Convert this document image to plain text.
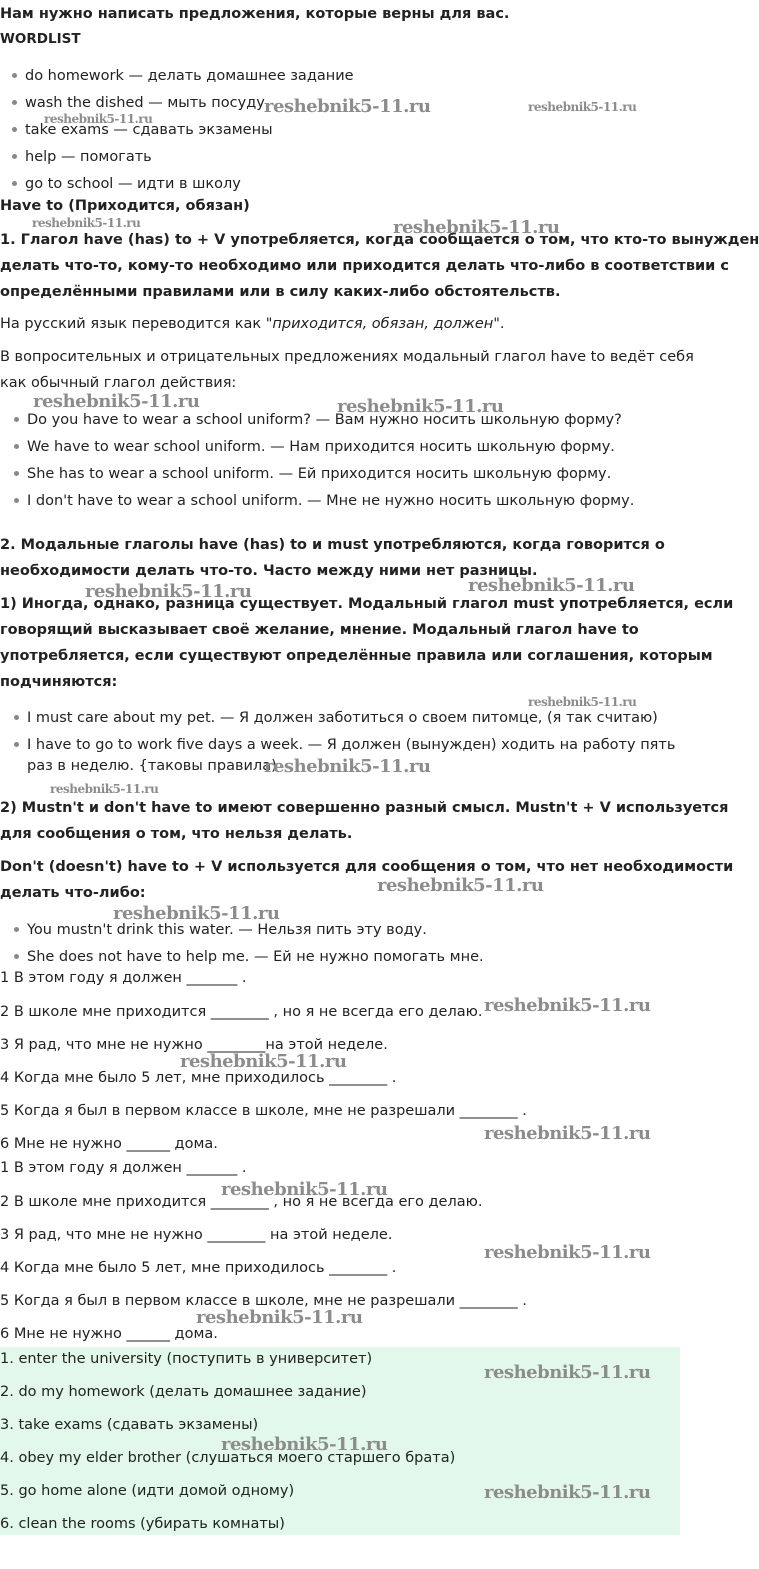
Нам нужно написать предложения, которые верны для вас.
WORDLIST
do homework — делать домашнее задание
wash the dished — мыть посуду
take exams — сдавать экзамены
help — помогать
go to school — идти в школу
Have to (Приходится, обязан)
1. Глагол have (has) to + V употребляется, когда сообщается о том, что кто-то вынужден
делать что-то, кому-то необходимо или приходится делать что-либо в соответствии с
определёнными правилами или в силу каких-либо обстоятельств.
На русский язык переводится как "приходится, обязан, должен".
В вопросительных и отрицательных предложениях модальный глагол have to ведёт себя
как обычный глагол действия:
Do you have to wear a school uniform? — Вам нужно носить школьную форму?
We have to wear school uniform. — Нам приходится носить школьную форму.
She has to wear a school uniform. — Ей приходится носить школьную форму.
I don't have to wear a school uniform. — Мне не нужно носить школьную форму.
2. Модальные глаголы have (has) to и must употребляются, когда говорится о
необходимости делать что-то. Часто между ними нет разницы.
1) Иногда, однако, разница существует. Модальный глагол must употребляется, если
говорящий высказывает своё желание, мнение. Модальный глагол have to
употребляется, если существуют определённые правила или соглашения, которым
подчиняются:
I must care about my pet. — Я должен заботиться о своем питомце, (я так считаю)
I have to go to work five days a week. — Я должен (вынужден) ходить на работу пять
раз в неделю. {таковы правила)
2) Mustn't и don't have to имеют совершенно разный смысл. Mustn't + V используется
для сообщения о том, что нельзя делать.
Don't (doesn't) have to + V используется для сообщения о том, что нет необходимости
делать что-либо:
You mustn't drink this water. — Нельзя пить эту воду.
She does not have to help me. — Ей не нужно помогать мне.
1 В этом году я должен _______ .
2 В школе мне приходится ________ , но я не всегда его делаю.
3 Я рад, что мне не нужно ________на этой неделе.
4 Когда мне было 5 лет, мне приходилось ________ .
5 Когда я был в первом классе в школе, мне не разрешали ________ .
6 Мне не нужно ______ дома.
1 В этом году я должен _______ .
2 В школе мне приходится ________ , но я не всегда его делаю.
3 Я рад, что мне не нужно ________ на этой неделе.
4 Когда мне было 5 лет, мне приходилось ________ .
5 Когда я был в первом классе в школе, мне не разрешали ________ .
6 Мне не нужно ______ дома.
1. enter the university (поступить в университет)
2. do my homework (делать домашнее задание)
3. take exams (сдавать экзамены)
4. obey my elder brother (слушаться моего старшего брата)
5. go home alone (идти домой одному)
6. clean the rooms (убирать комнаты)
reshebnik5-11.ru	reshebnik5-11.ru
reshebnik5-11.ru
reshebnik5-11.ru	reshebnik5-11.ru
reshebnik5-11.ru	reshebnik5-11.ru
reshebnik5-11.ru	reshebnik5-11.ru
reshebnik5-11.ru
reshebnik5-11.ru
reshebnik5-11.ru
reshebnik5-11.ru
reshebnik5-11.ru
reshebnik5-11.ru
reshebnik5-11.ru
reshebnik5-11.ru
reshebnik5-11.ru
reshebnik5-11.ru
reshebnik5-11.ru
reshebnik5-11.ru
reshebnik5-11.ru
reshebnik5-11.ru
